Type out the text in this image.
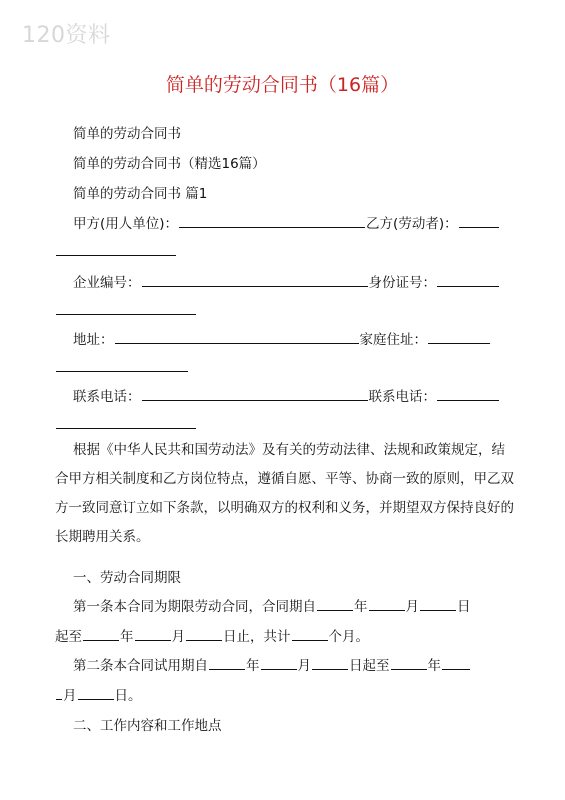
120资料
简单的劳动合同书（16篇）
简单的劳动合同书
简单的劳动合同书（精选16篇）
简单的劳动合同书 篇1
甲方(用人单位)：	乙方(劳动者)：
企业编号：	身份证号：
地址：	家庭住址：
联系电话：	联系电话：
根据《中华人民共和国劳动法》及有关的劳动法律、法规和政策规定，结合甲方相关制度和乙方岗位特点，遵循自愿、平等、协商一致的原则，甲乙双方一致同意订立如下条款，以明确双方的权利和义务，并期望双方保持良好的长期聘用关系。
一、劳动合同期限
第一条本合同为期限劳动合同，合同期自	年	月	日
起至	年	月	日止，共计	个月。
第二条本合同试用期自	年	月	日起至	年
月	日。
二、工作内容和工作地点
